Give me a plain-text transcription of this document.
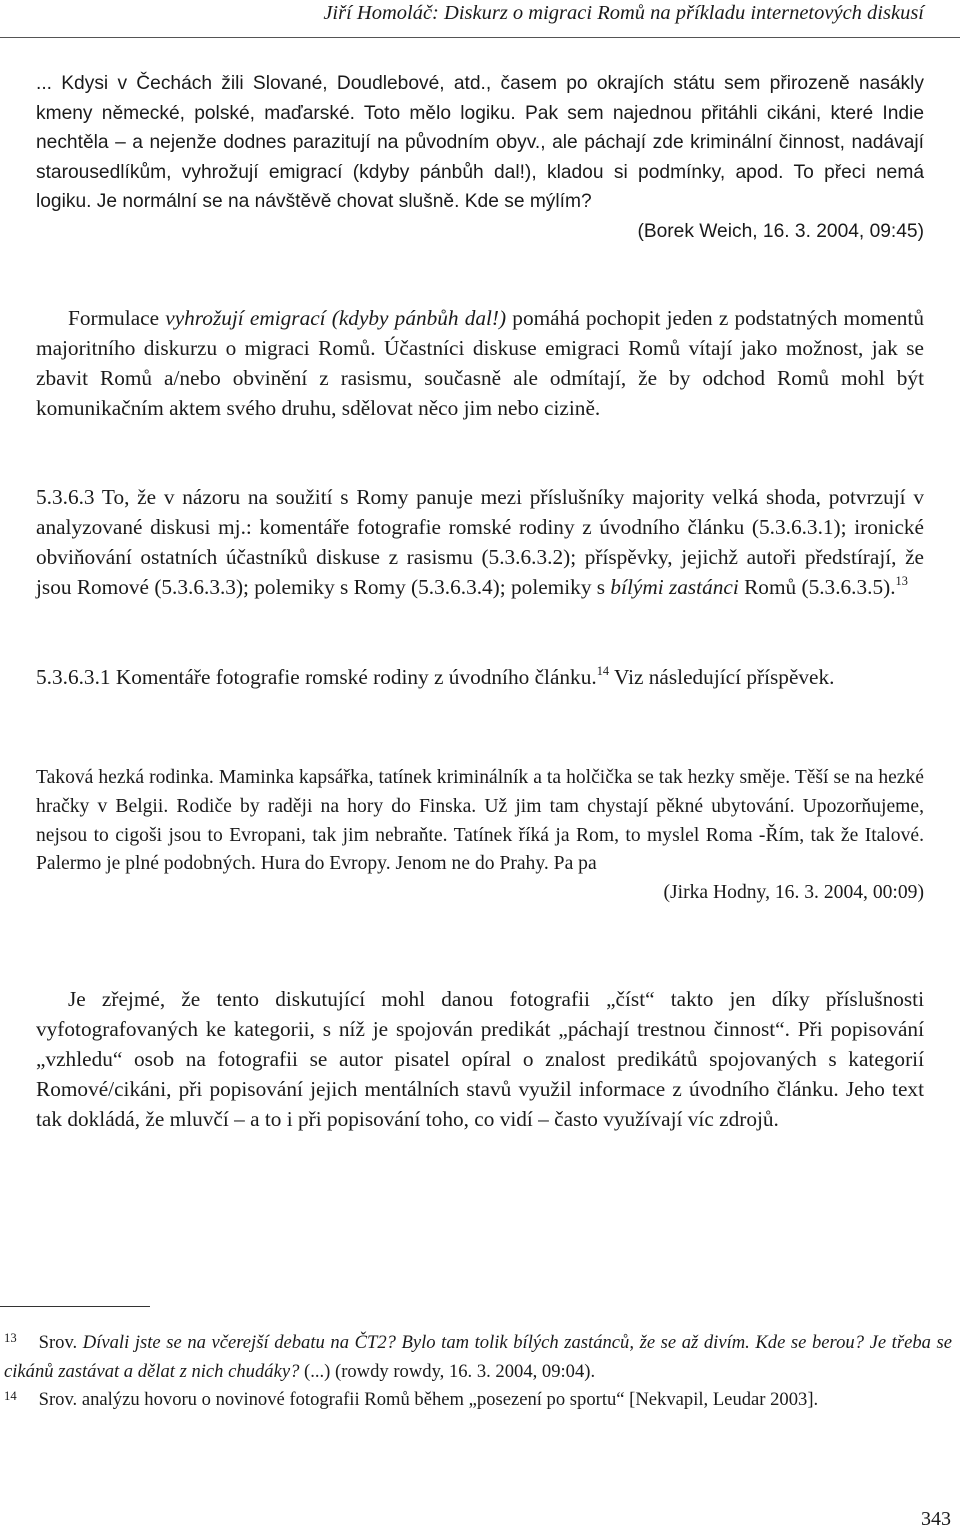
Jiří Homoláč: Diskurz o migraci Romů na příkladu internetových diskusí
... Kdysi v Čechách žili Slované, Doudlebové, atd., časem po okrajích státu sem přirozeně nasákly kmeny německé, polské, maďarské. Toto mělo logiku. Pak sem najednou přitáhli cikáni, které Indie nechtěla – a nejenže dodnes parazitují na původním obyv., ale páchají zde kriminální činnost, nadávají starousedlíkům, vyhrožují emigrací (kdyby pánbůh dal!), kladou si podmínky, apod. To přeci nemá logiku. Je normální se na návštěvě chovat slušně. Kde se mýlím?
(Borek Weich, 16. 3. 2004, 09:45)

Formulace vyhrožují emigrací (kdyby pánbůh dal!) pomáhá pochopit jeden z podstatných momentů majoritního diskurzu o migraci Romů. Účastníci diskuse emigraci Romů vítají jako možnost, jak se zbavit Romů a/nebo obvinění z rasismu, současně ale odmítají, že by odchod Romů mohl být komunikačním aktem svého druhu, sdělovat něco jim nebo cizině.

5.3.6.3 To, že v názoru na soužití s Romy panuje mezi příslušníky majority velká shoda, potvrzují v analyzované diskusi mj.: komentáře fotografie romské rodiny z úvodního článku (5.3.6.3.1); ironické obviňování ostatních účastníků diskuse z rasismu (5.3.6.3.2); příspěvky, jejichž autoři předstírají, že jsou Romové (5.3.6.3.3); polemiky s Romy (5.3.6.3.4); polemiky s bílými zastánci Romů (5.3.6.3.5).$^{13}$

5.3.6.3.1 Komentáře fotografie romské rodiny z úvodního článku.$^{14}$ Viz následující příspěvek.

Taková hezká rodinka. Maminka kapsářka, tatínek kriminálník a ta holčička se tak hezky směje. Těší se na hezké hračky v Belgii. Rodiče by raději na hory do Finska. Už jim tam chystají pěkné ubytování. Upozorňujeme, nejsou to cigoši jsou to Evropani, tak jim nebraňte. Tatínek říká ja Rom, to myslel Roma -Řím, tak že Italové. Palermo je plné podobných. Hura do Evropy. Jenom ne do Prahy. Pa pa
(Jirka Hodny, 16. 3. 2004, 00:09)

Je zřejmé, že tento diskutující mohl danou fotografii „číst“ takto jen díky příslušnosti vyfotografovaných ke kategorii, s níž je spojován predikát „páchají trestnou činnost“. Při popisování „vzhledu“ osob na fotografii se autor pisatel opíral o znalost predikátů spojovaných s kategorií Romové/cikáni, při popisování jejich mentálních stavů využil informace z úvodního článku. Jeho text tak dokládá, že mluvčí – a to i při popisování toho, co vidí – často využívají víc zdrojů.

$^{13}$ Srov. Dívali jste se na včerejší debatu na ČT2? Bylo tam tolik bílých zastánců, že se až divím. Kde se berou? Je třeba se cikánů zastávat a dělat z nich chudáky? (...) (rowdy rowdy, 16. 3. 2004, 09:04).
$^{14}$ Srov. analýzu hovoru o novinové fotografii Romů během „posezení po sportu“ [Nekvapil, Leudar 2003].
343
